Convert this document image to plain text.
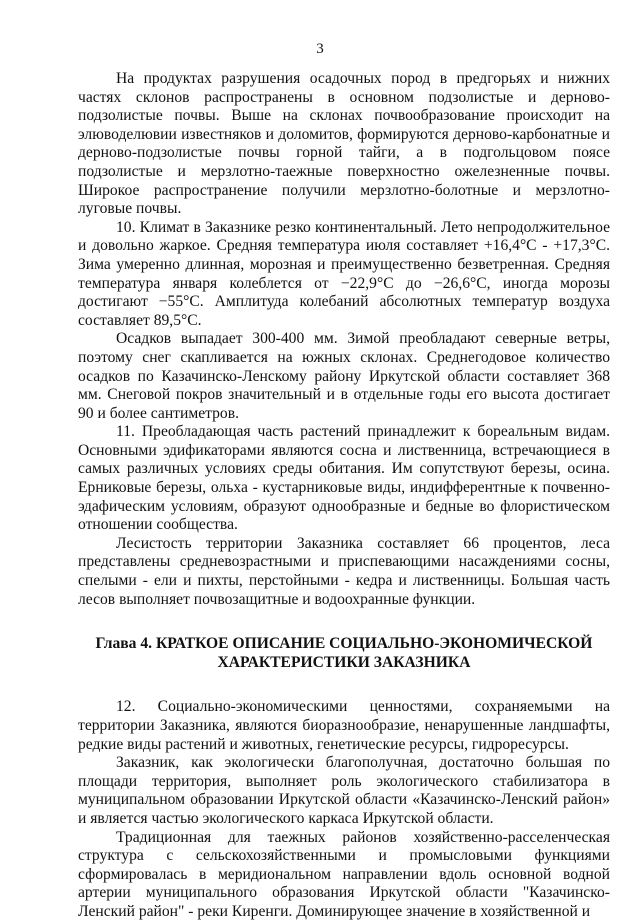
3

На продуктах разрушения осадочных пород в предгорьях и нижних частях склонов распространены в основном подзолистые и дерново-подзолистые почвы. Выше на склонах почвообразование происходит на элюводелювии известняков и доломитов, формируются дерново-карбонатные и дерново-подзолистые почвы горной тайги, а в подгольцовом поясе подзолистые и мерзлотно-таежные поверхностно ожелезненные почвы. Широкое распространение получили мерзлотно-болотные и мерзлотно-луговые почвы.

10. Климат в Заказнике резко континентальный. Лето непродолжительное и довольно жаркое. Средняя температура июля составляет +16,4°С - +17,3°С. Зима умеренно длинная, морозная и преимущественно безветренная. Средняя температура января колеблется от −22,9°С до −26,6°С, иногда морозы достигают −55°С. Амплитуда колебаний абсолютных температур воздуха составляет 89,5°С.

Осадков выпадает 300-400 мм. Зимой преобладают северные ветры, поэтому снег скапливается на южных склонах. Среднегодовое количество осадков по Казачинско-Ленскому району Иркутской области составляет 368 мм. Снеговой покров значительный и в отдельные годы его высота достигает 90 и более сантиметров.

11. Преобладающая часть растений принадлежит к бореальным видам. Основными эдификаторами являются сосна и лиственница, встречающиеся в самых различных условиях среды обитания. Им сопутствуют березы, осина. Ерниковые березы, ольха - кустарниковые виды, индифферентные к почвенно-эдафическим условиям, образуют однообразные и бедные во флористическом отношении сообщества.

Лесистость территории Заказника составляет 66 процентов, леса представлены средневозрастными и приспевающими насаждениями сосны, спелыми - ели и пихты, перстойными - кедра и лиственницы. Большая часть лесов выполняет почвозащитные и водоохранные функции.

Глава 4. КРАТКОЕ ОПИСАНИЕ СОЦИАЛЬНО-ЭКОНОМИЧЕСКОЙ
ХАРАКТЕРИСТИКИ ЗАКАЗНИКА

12. Социально-экономическими ценностями, сохраняемыми на территории Заказника, являются биоразнообразие, ненарушенные ландшафты, редкие виды растений и животных, генетические ресурсы, гидроресурсы.

Заказник, как экологически благополучная, достаточно большая по площади территория, выполняет роль экологического стабилизатора в муниципальном образовании Иркутской области «Казачинско-Ленский район» и является частью экологического каркаса Иркутской области.

Традиционная для таежных районов хозяйственно-расселенческая структура с сельскохозяйственными и промысловыми функциями сформировалась в меридиональном направлении вдоль основной водной артерии муниципального образования Иркутской области "Казачинско-Ленский район" - реки Киренги. Доминирующее значение в хозяйственной и
